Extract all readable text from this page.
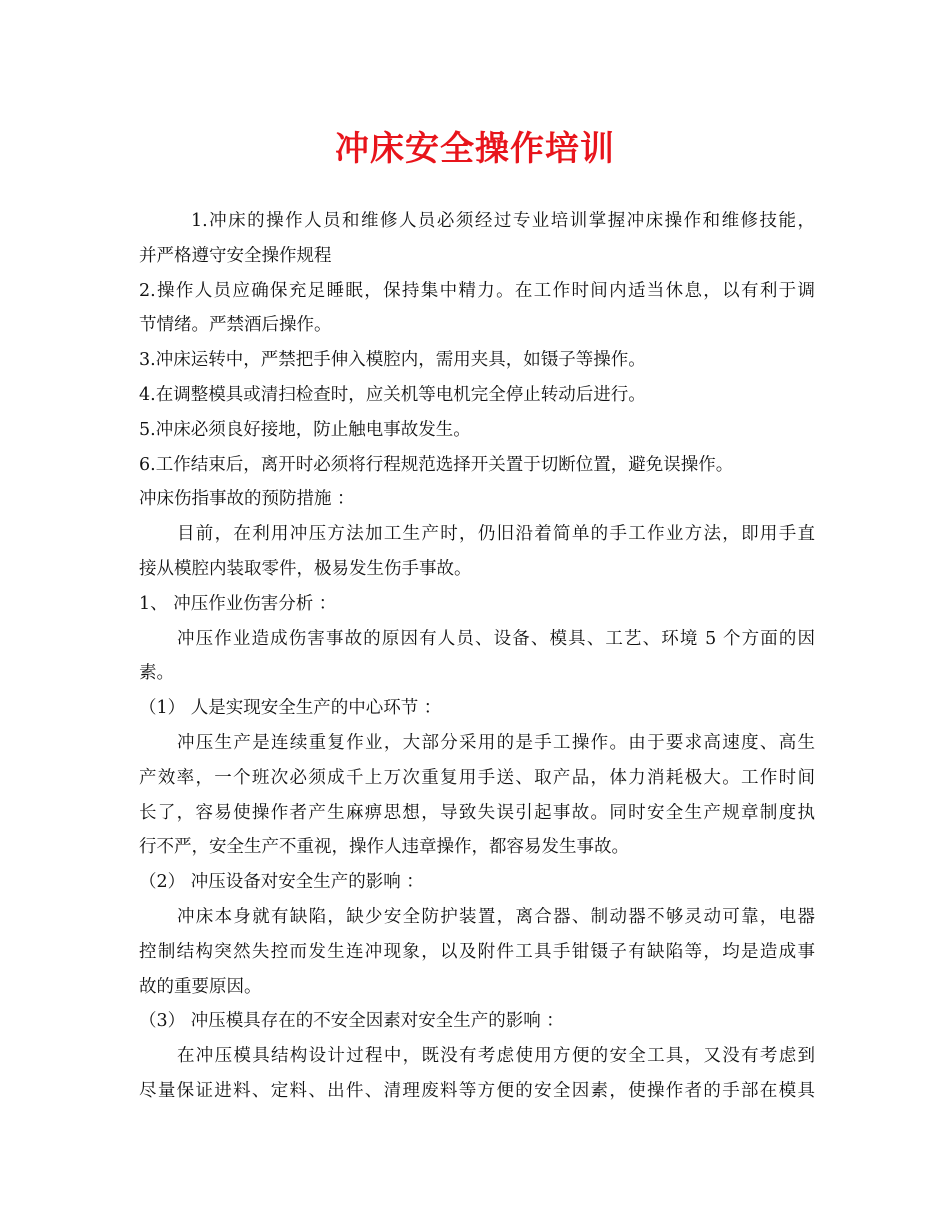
冲床安全操作培训
1.冲床的操作人员和维修人员必须经过专业培训掌握冲床操作和维修技能，
并严格遵守安全操作规程
2.操作人员应确保充足睡眠，保持集中精力。在工作时间内适当休息，以有利于调
节情绪。严禁酒后操作。
3.冲床运转中，严禁把手伸入模腔内，需用夹具，如镊子等操作。
4.在调整模具或清扫检查时，应关机等电机完全停止转动后进行。
5.冲床必须良好接地，防止触电事故发生。
6.工作结束后，离开时必须将行程规范选择开关置于切断位置，避免误操作。
冲床伤指事故的预防措施 ：
目前，在利用冲压方法加工生产时，仍旧沿着简单的手工作业方法，即用手直
接从模腔内装取零件，极易发生伤手事故。
1、 冲压作业伤害分析 ：
冲压作业造成伤害事故的原因有人员、设备、模具、工艺、环境 5 个方面的因
素。
（1） 人是实现安全生产的中心环节 ：
冲压生产是连续重复作业，大部分采用的是手工操作。由于要求高速度、高生
产效率，一个班次必须成千上万次重复用手送、取产品，体力消耗极大。工作时间
长了，容易使操作者产生麻痹思想，导致失误引起事故。同时安全生产规章制度执
行不严，安全生产不重视，操作人违章操作，都容易发生事故。
（2） 冲压设备对安全生产的影响 ：
冲床本身就有缺陷，缺少安全防护装置，离合器、制动器不够灵动可靠，电器
控制结构突然失控而发生连冲现象，以及附件工具手钳镊子有缺陷等，均是造成事
故的重要原因。
（3） 冲压模具存在的不安全因素对安全生产的影响 ：
在冲压模具结构设计过程中，既没有考虑使用方便的安全工具，又没有考虑到
尽量保证进料、定料、出件、清理废料等方便的安全因素，使操作者的手部在模具
